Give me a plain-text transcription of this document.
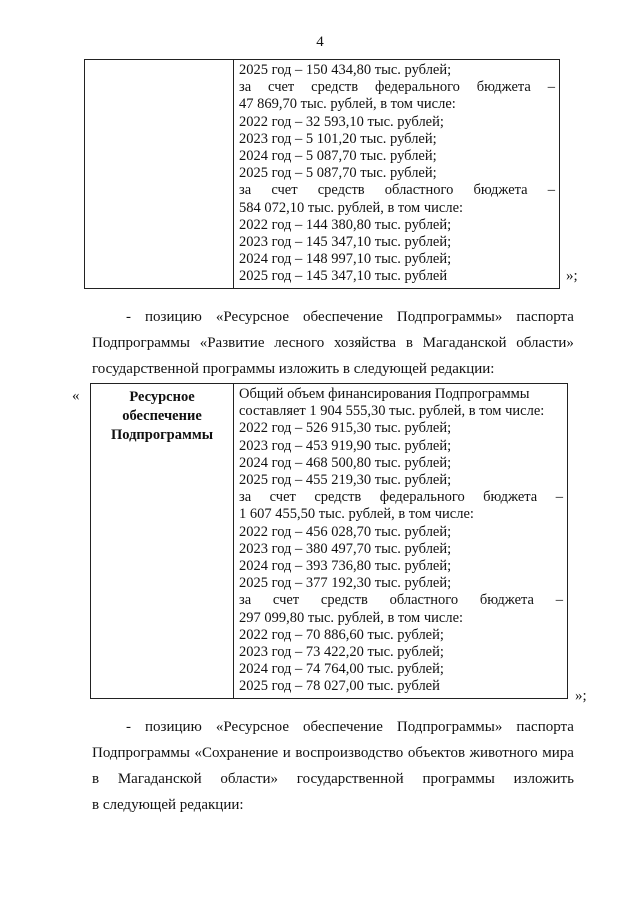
4

2025 год – 150 434,80 тыс. рублей;
за счет средств федерального бюджета –
47 869,70 тыс. рублей, в том числе:
2022 год – 32 593,10 тыс. рублей;
2023 год – 5 101,20 тыс. рублей;
2024 год – 5 087,70 тыс. рублей;
2025 год – 5 087,70 тыс. рублей;
за счет средств областного бюджета –
584 072,10 тыс. рублей, в том числе:
2022 год – 144 380,80 тыс. рублей;
2023 год – 145 347,10 тыс. рублей;
2024 год – 148 997,10 тыс. рублей;
2025 год – 145 347,10 тыс. рублей	»;
- позицию «Ресурсное обеспечение Подпрограммы» паспорта
Подпрограммы «Развитие лесного хозяйства в Магаданской области»
государственной программы изложить в следующей редакции:
«	Ресурсное обеспечение Подпрограммы	
Общий объем финансирования Подпрограммы
составляет 1 904 555,30 тыс. рублей, в том числе:
2022 год – 526 915,30 тыс. рублей;
2023 год – 453 919,90 тыс. рублей;
2024 год – 468 500,80 тыс. рублей;
2025 год – 455 219,30 тыс. рублей;
за счет средств федерального бюджета –
1 607 455,50 тыс. рублей, в том числе:
2022 год – 456 028,70 тыс. рублей;
2023 год – 380 497,70 тыс. рублей;
2024 год – 393 736,80 тыс. рублей;
2025 год – 377 192,30 тыс. рублей;
за счет средств областного бюджета –
297 099,80 тыс. рублей, в том числе:
2022 год – 70 886,60 тыс. рублей;
2023 год – 73 422,20 тыс. рублей;
2024 год – 74 764,00 тыс. рублей;
2025 год – 78 027,00 тыс. рублей
»;
- позицию «Ресурсное обеспечение Подпрограммы» паспорта
Подпрограммы «Сохранение и воспроизводство объектов животного мира
в Магаданской области» государственной программы изложить
в следующей редакции:
